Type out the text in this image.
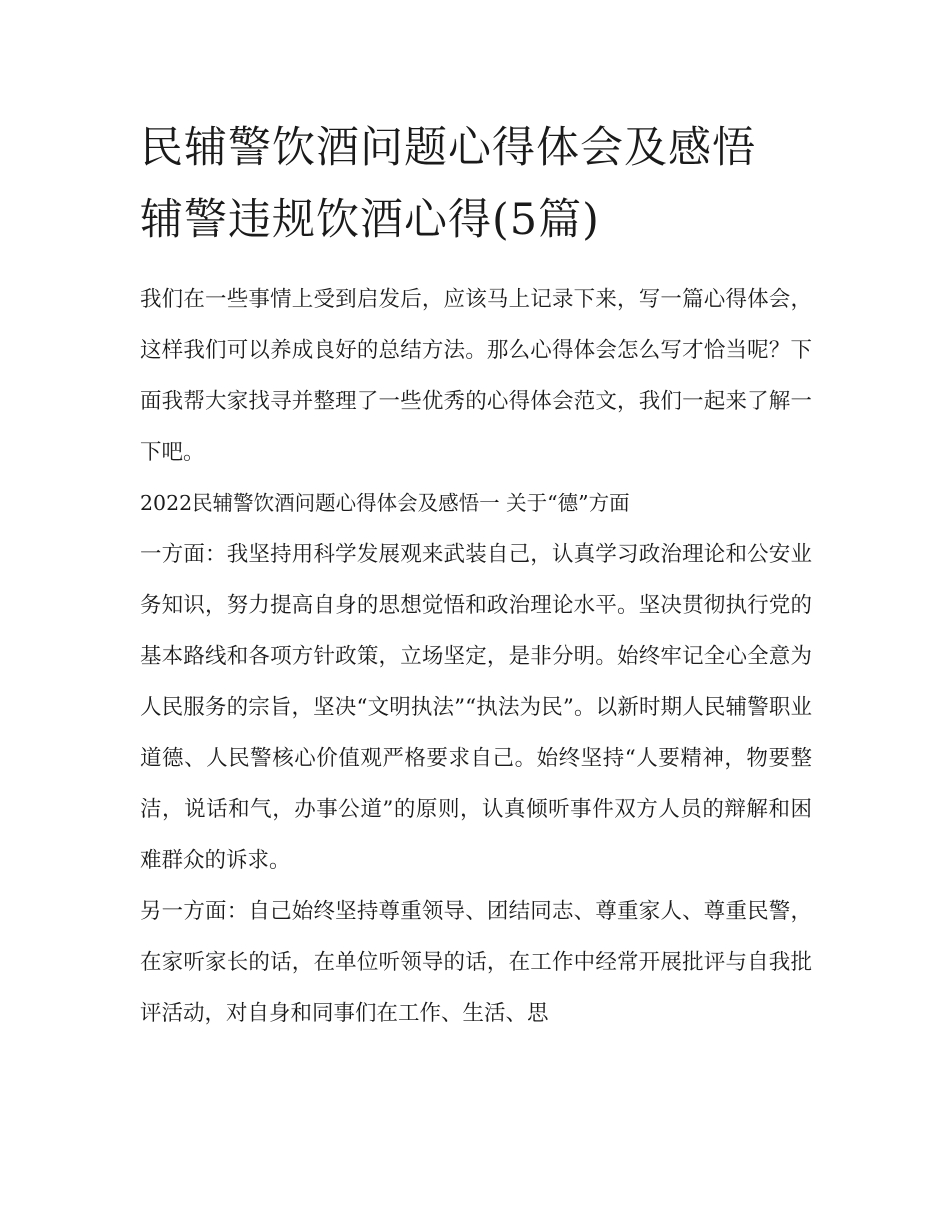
民辅警饮酒问题心得体会及感悟 辅警违规饮酒心得(5篇)

我们在一些事情上受到启发后，应该马上记录下来，写一篇心得体会，这样我们可以养成良好的总结方法。那么心得体会怎么写才恰当呢？下面我帮大家找寻并整理了一些优秀的心得体会范文，我们一起来了解一下吧。

2022民辅警饮酒问题心得体会及感悟一 关于“德”方面

一方面：我坚持用科学发展观来武装自己，认真学习政治理论和公安业务知识，努力提高自身的思想觉悟和政治理论水平。坚决贯彻执行党的基本路线和各项方针政策，立场坚定，是非分明。始终牢记全心全意为人民服务的宗旨，坚决“文明执法”“执法为民”。以新时期人民辅警职业道德、人民警核心价值观严格要求自己。始终坚持“人要精神，物要整洁，说话和气，办事公道”的原则，认真倾听事件双方人员的辩解和困难群众的诉求。

另一方面：自己始终坚持尊重领导、团结同志、尊重家人、尊重民警，在家听家长的话，在单位听领导的话，在工作中经常开展批评与自我批评活动，对自身和同事们在工作、生活、思
